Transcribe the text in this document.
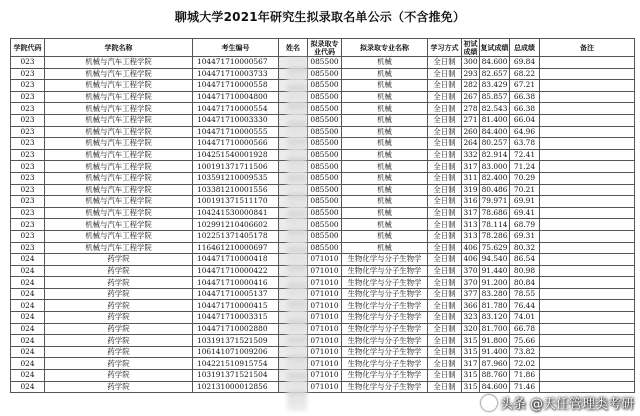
聊城大学2021年研究生拟录取名单公示（不含推免）
学院代码	学院名称	考生编号	姓名	拟录取专业代码	拟录取专业名称	学习方式	初试成绩	复试成绩	总成绩	备注
023	机械与汽车工程学院	104471710000567		085500	机械	全日制	300	84.600	69.84	
023	机械与汽车工程学院	104471710003733		085500	机械	全日制	293	82.657	68.22	
023	机械与汽车工程学院	104471710000558		085500	机械	全日制	282	83.429	67.21	
023	机械与汽车工程学院	104471710004800		085500	机械	全日制	267	85.857	66.38	
023	机械与汽车工程学院	104471710000554		085500	机械	全日制	278	82.543	66.38	
023	机械与汽车工程学院	104471710003330		085500	机械	全日制	271	81.400	66.04	
023	机械与汽车工程学院	104471710000555		085500	机械	全日制	260	84.400	64.96	
023	机械与汽车工程学院	104471710000566		085500	机械	全日制	264	80.257	63.78	
023	机械与汽车工程学院	104251540001928		085500	机械	全日制	332	82.914	72.41	
023	机械与汽车工程学院	100191371711506		085500	机械	全日制	317	83.000	71.24	
023	机械与汽车工程学院	103591210009535		085500	机械	全日制	311	82.400	70.29	
023	机械与汽车工程学院	103381210001556		085500	机械	全日制	319	80.486	70.21	
023	机械与汽车工程学院	100191371511170		085500	机械	全日制	316	79.971	69.91	
023	机械与汽车工程学院	104241530000841		085500	机械	全日制	317	78.686	69.41	
023	机械与汽车工程学院	102991210406602		085500	机械	全日制	313	78.114	68.79	
023	机械与汽车工程学院	102251371405178		085500	机械	全日制	313	78.286	69.31	
023	机械与汽车工程学院	116461210000697		085500	机械	全日制	406	75.629	80.32	
024	药学院	104471710000418		071010	生物化学与分子生物学	全日制	406	94.540	86.54	
024	药学院	104471710000422		071010	生物化学与分子生物学	全日制	370	91.440	80.98	
024	药学院	104471710000416		071010	生物化学与分子生物学	全日制	370	91.200	80.84	
024	药学院	104471710005137		071010	生物化学与分子生物学	全日制	377	83.280	78.55	
024	药学院	104471710000415		071010	生物化学与分子生物学	全日制	366	81.780	76.44	
024	药学院	104471710003315		071010	生物化学与分子生物学	全日制	323	83.120	74.01	
024	药学院	104471710002880		071010	生物化学与分子生物学	全日制	320	81.700	66.78	
024	药学院	103191371521509		071010	生物化学与分子生物学	全日制	315	91.800	75.66	
024	药学院	106141071009206		071010	生物化学与分子生物学	全日制	315	91.400	73.82	
024	药学院	104221510915754		071010	生物化学与分子生物学	全日制	317	87.960	72.02	
024	药学院	103191371521504		071010	生物化学与分子生物学	全日制	315	88.760	71.86	
024	药学院	102131000012856		071010	生物化学与分子生物学	全日制	315	84.600	71.46	
头条 @天任管理类考研
